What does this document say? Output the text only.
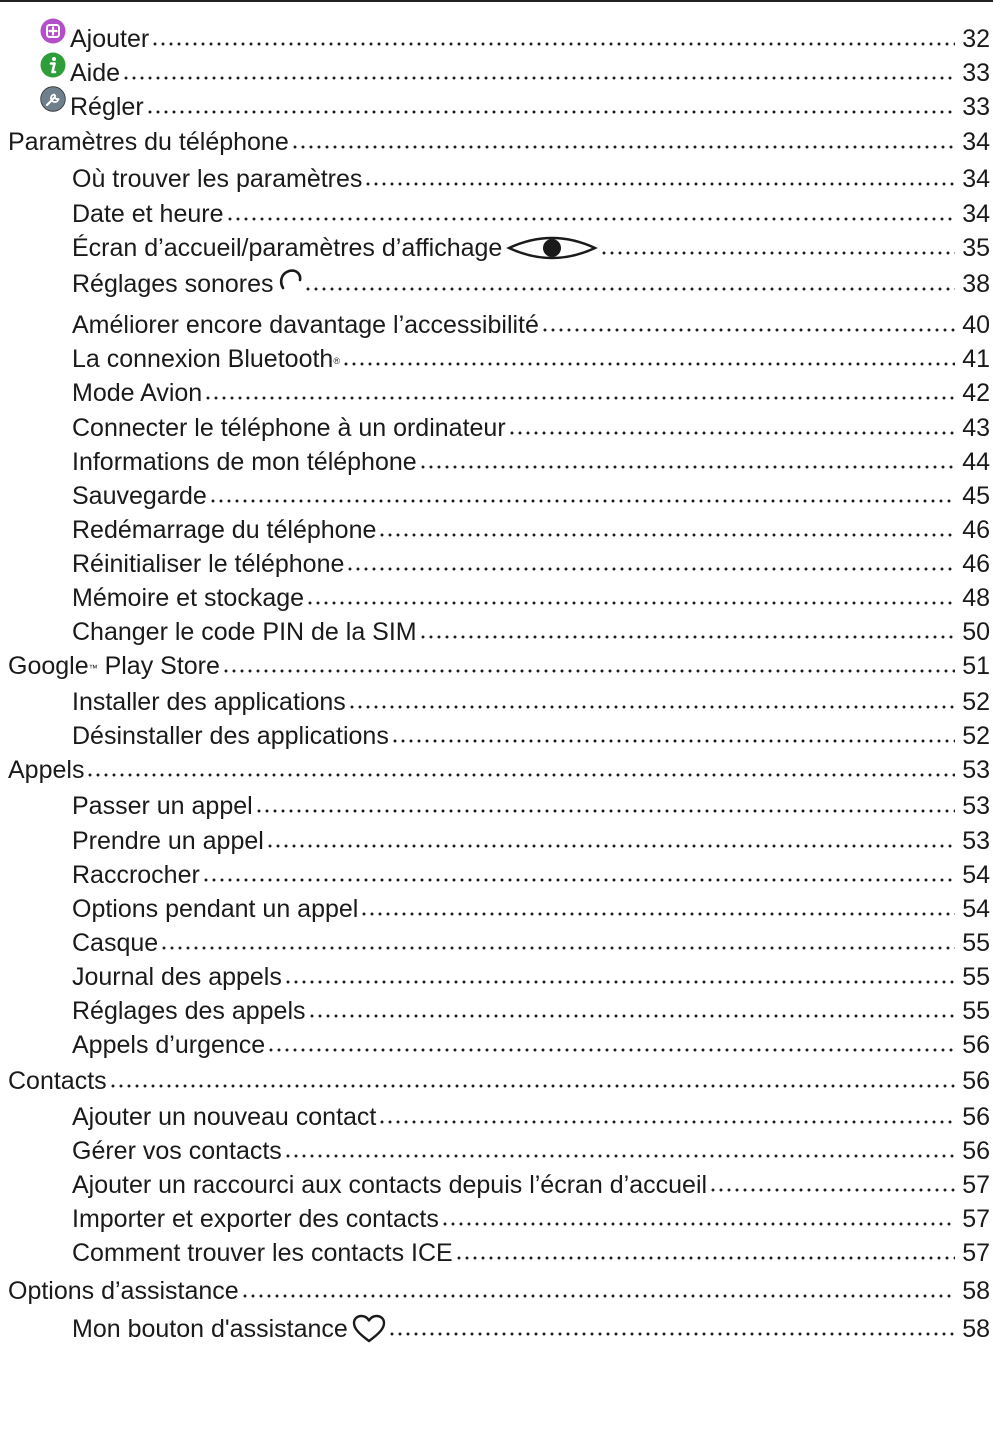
Ajouter	32
Aide	33
Régler	33
Paramètres du téléphone	34
Où trouver les paramètres	34
Date et heure	34
Écran d’accueil/paramètres d’affichage	35
Réglages sonores	38
Améliorer encore davantage l’accessibilité	40
La connexion Bluetooth®	41
Mode Avion	42
Connecter le téléphone à un ordinateur	43
Informations de mon téléphone	44
Sauvegarde	45
Redémarrage du téléphone	46
Réinitialiser le téléphone	46
Mémoire et stockage	48
Changer le code PIN de la SIM	50
Google™ Play Store	51
Installer des applications	52
Désinstaller des applications	52
Appels	53
Passer un appel	53
Prendre un appel	53
Raccrocher	54
Options pendant un appel	54
Casque	55
Journal des appels	55
Réglages des appels	55
Appels d’urgence	56
Contacts	56
Ajouter un nouveau contact	56
Gérer vos contacts	56
Ajouter un raccourci aux contacts depuis l’écran d’accueil	57
Importer et exporter des contacts	57
Comment trouver les contacts ICE	57
Options d’assistance	58
Mon bouton d'assistance	58
